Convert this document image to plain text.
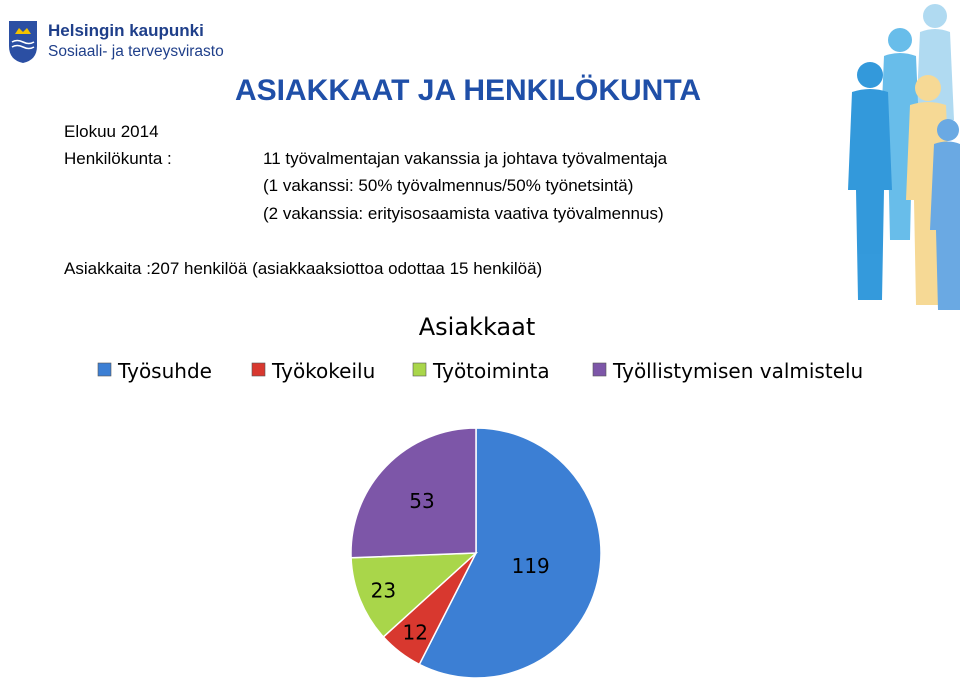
Helsingin kaupunki
Sosiaali- ja terveysvirasto
ASIAKKAAT JA HENKILÖKUNTA
Elokuu 2014
Henkilökunta :	11 työvalmentajan vakanssia ja johtava työvalmentaja
(1 vakanssi: 50% työvalmennus/50% työnetsintä)
(2 vakanssia: erityisosaamista vaativa työvalmennus)
Asiakkaita :207 henkilöä (asiakkaaksiottoa odottaa 15 henkilöä)
Asiakkaat
Työsuhde	Työkokeilu	Työtoiminta	Työllistymisen valmistelu
119
12
23
53
